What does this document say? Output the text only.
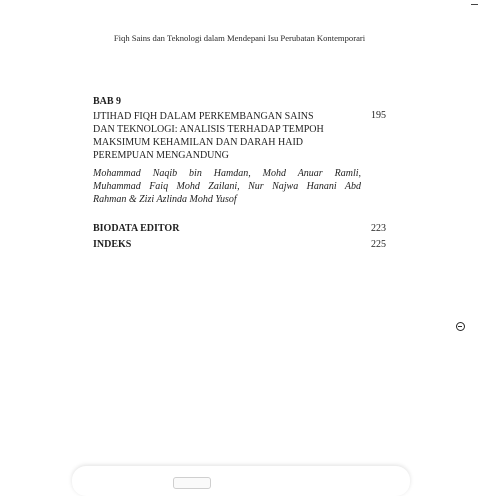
Fiqh Sains dan Teknologi dalam Mendepani Isu Perubatan Kontemporari
BAB 9
IJTIHAD FIQH DALAM PERKEMBANGAN SAINS
DAN TEKNOLOGI: ANALISIS TERHADAP TEMPOH
MAKSIMUM KEHAMILAN DAN DARAH HAID
PEREMPUAN MENGANDUNG
195
Mohammad Naqib bin Hamdan, Mohd Anuar Ramli,
Muhammad Faiq Mohd Zailani, Nur Najwa Hanani Abd
Rahman & Zizi Azlinda Mohd Yusof
BIODATA EDITOR	223
INDEKS	225
